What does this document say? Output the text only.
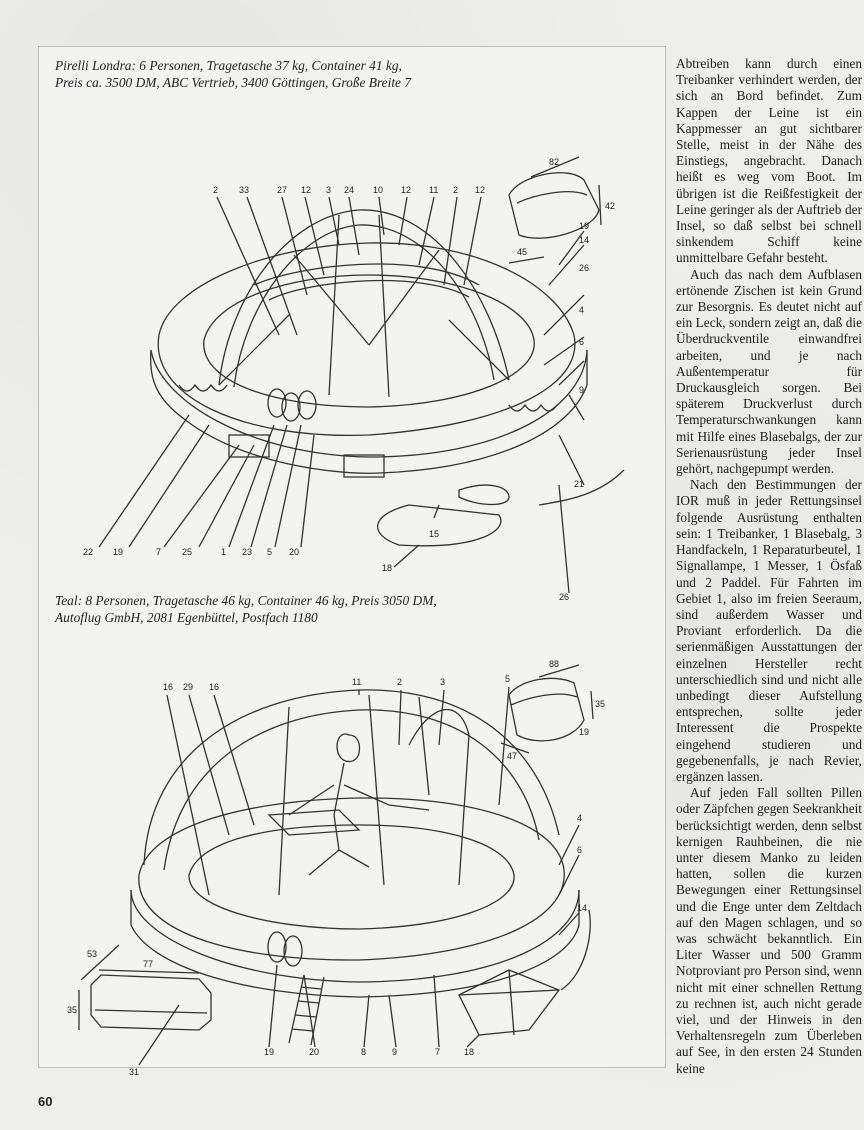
Pirelli Londra: 6 Personen, Tragetasche 37 kg, Container 41 kg,
Preis ca. 3500 DM, ABC Vertrieb, 3400 Göttingen, Große Breite 7

2 33	27 12 3 24 10 12 11 2 12
22 19	7 25	1 23 5 20
19
14
26
4
6
9
21
15
18
26
82
42
45

Teal: 8 Personen, Tragetasche 46 kg, Container 46 kg, Preis 3050 DM,
Autoflug GmbH, 2081 Egenbüttel, Postfach 1180

16 29 16	11	2	3	5
19
4
6
14
31
19	20	8	9	7	18
88
35
47
53
77
35

Abtreiben kann durch einen Treibanker verhindert werden, der sich an Bord befindet. Zum Kappen der Leine ist ein Kappmesser an gut sichtbarer Stelle, meist in der Nähe des Einstiegs, angebracht. Danach heißt es weg vom Boot. Im übrigen ist die Reißfestigkeit der Leine geringer als der Auftrieb der Insel, so daß selbst bei schnell sinkendem Schiff keine unmittelbare Gefahr besteht.

Auch das nach dem Aufblasen ertönende Zischen ist kein Grund zur Besorgnis. Es deutet nicht auf ein Leck, sondern zeigt an, daß die Überdruckventile einwandfrei arbeiten, und je nach Außentemperatur für Druckausgleich sorgen. Bei späterem Druckverlust durch Temperaturschwankungen kann mit Hilfe eines Blasebalgs, der zur Serienausrüstung jeder Insel gehört, nachgepumpt werden.

Nach den Bestimmungen der IOR muß in jeder Rettungsinsel folgende Ausrüstung enthalten sein: 1 Treibanker, 1 Blasebalg, 3 Handfackeln, 1 Reparaturbeutel, 1 Signallampe, 1 Messer, 1 Ösfaß und 2 Paddel. Für Fahrten im Gebiet 1, also im freien Seeraum, sind außerdem Wasser und Proviant erforderlich. Da die serienmäßigen Ausstattungen der einzelnen Hersteller recht unterschiedlich sind und nicht alle unbedingt dieser Aufstellung entsprechen, sollte jeder Interessent die Prospekte eingehend studieren und gegebenenfalls, je nach Revier, ergänzen lassen.

Auf jeden Fall sollten Pillen oder Zäpfchen gegen Seekrankheit berücksichtigt werden, denn selbst kernigen Rauhbeinen, die nie unter diesem Manko zu leiden hatten, sollen die kurzen Bewegungen einer Rettungsinsel und die Enge unter dem Zeltdach auf den Magen schlagen, und so was schwächt bekanntlich. Ein Liter Wasser und 500 Gramm Notproviant pro Person sind, wenn nicht mit einer schnellen Rettung zu rechnen ist, auch nicht gerade viel, und der Hinweis in den Verhaltensregeln zum Überleben auf See, in den ersten 24 Stunden keine

60
